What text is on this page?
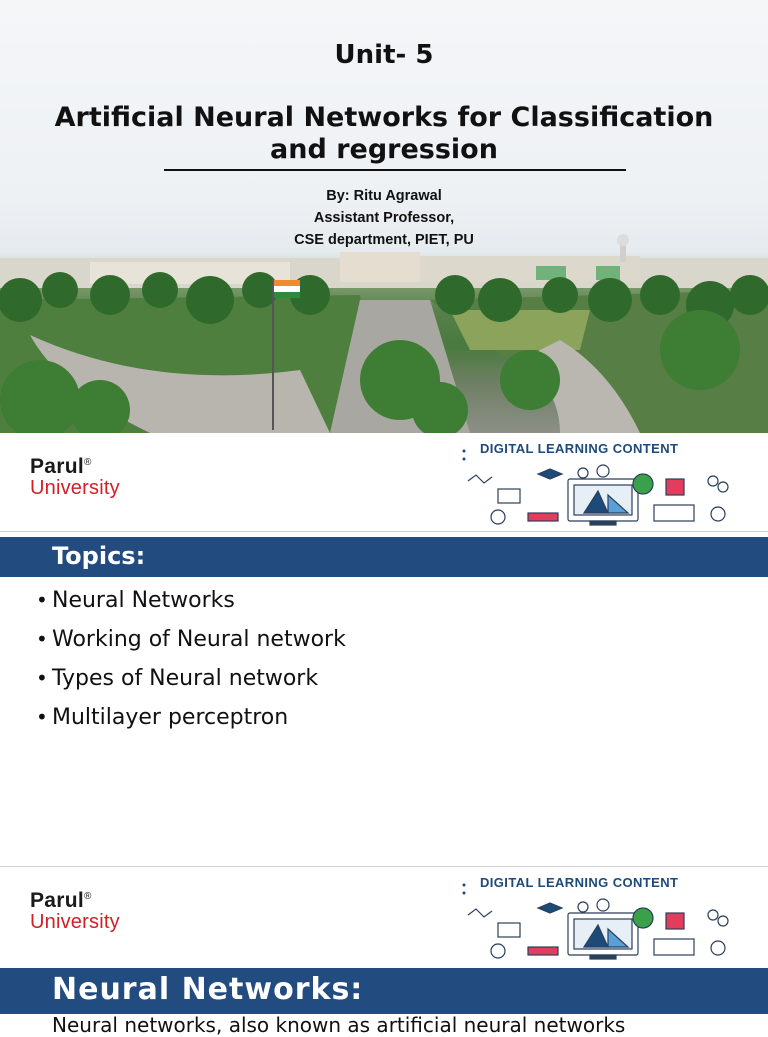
Unit- 5
Artificial Neural Networks for Classification
and regression
By: Ritu Agrawal
Assistant Professor,
CSE department, PIET, PU
Parul®
University
DIGITAL LEARNING CONTENT
Topics:
• Neural Networks
• Working of Neural network
• Types of Neural network
• Multilayer perceptron
Parul®
University
DIGITAL LEARNING CONTENT
Neural Networks:
Neural networks, also known as artificial neural networks
